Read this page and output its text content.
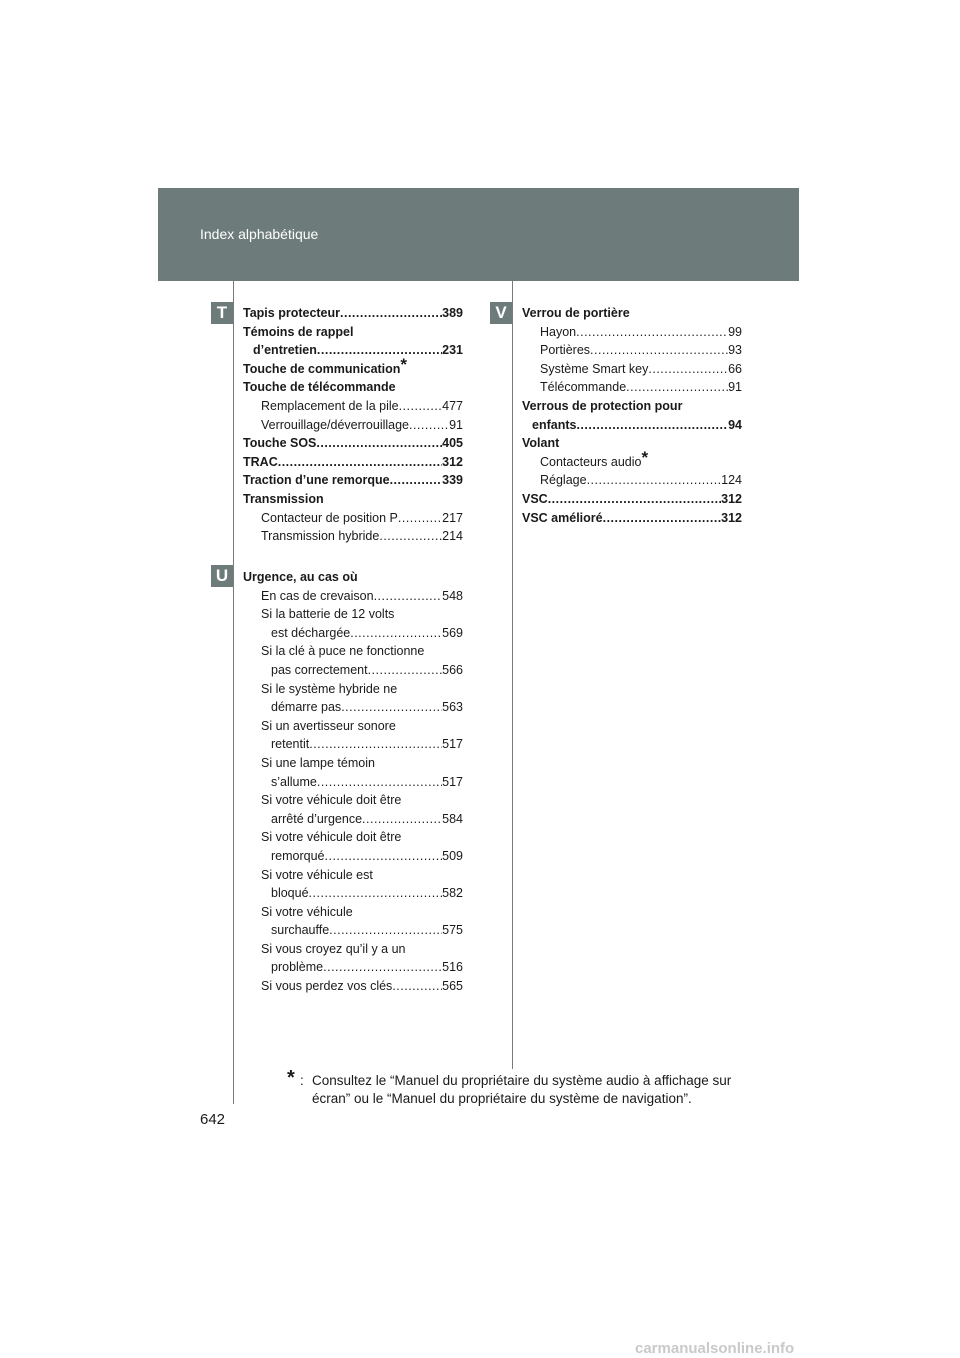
Index alphabétique
T
U
V
Tapis protecteur .....	389
Témoins de rappel
d’entretien .....	231
Touche de communication*
Touche de télécommande
Remplacement de la pile .....	477
Verrouillage/déverrouillage .....	91
Touche SOS .....	405
TRAC .....	312
Traction d’une remorque .....	339
Transmission
Contacteur de position P .....	217
Transmission hybride .....	214
Urgence, au cas où
En cas de crevaison .....	548
Si la batterie de 12 volts
est déchargée .....	569
Si la clé à puce ne fonctionne
pas correctement .....	566
Si le système hybride ne
démarre pas .....	563
Si un avertisseur sonore
retentit .....	517
Si une lampe témoin
s’allume .....	517
Si votre véhicule doit être
arrêté d’urgence .....	584
Si votre véhicule doit être
remorqué .....	509
Si votre véhicule est
bloqué .....	582
Si votre véhicule
surchauffe .....	575
Si vous croyez qu’il y a un
problème .....	516
Si vous perdez vos clés .....	565
Verrou de portière
Hayon .....	99
Portières .....	93
Système Smart key .....	66
Télécommande .....	91
Verrous de protection pour
enfants .....	94
Volant
Contacteurs audio*
Réglage .....	124
VSC .....	312
VSC amélioré .....	312
* : Consultez le “Manuel du propriétaire du système audio à affichage sur écran” ou le “Manuel du propriétaire du système de navigation”.
642
carmanualsonline.info
